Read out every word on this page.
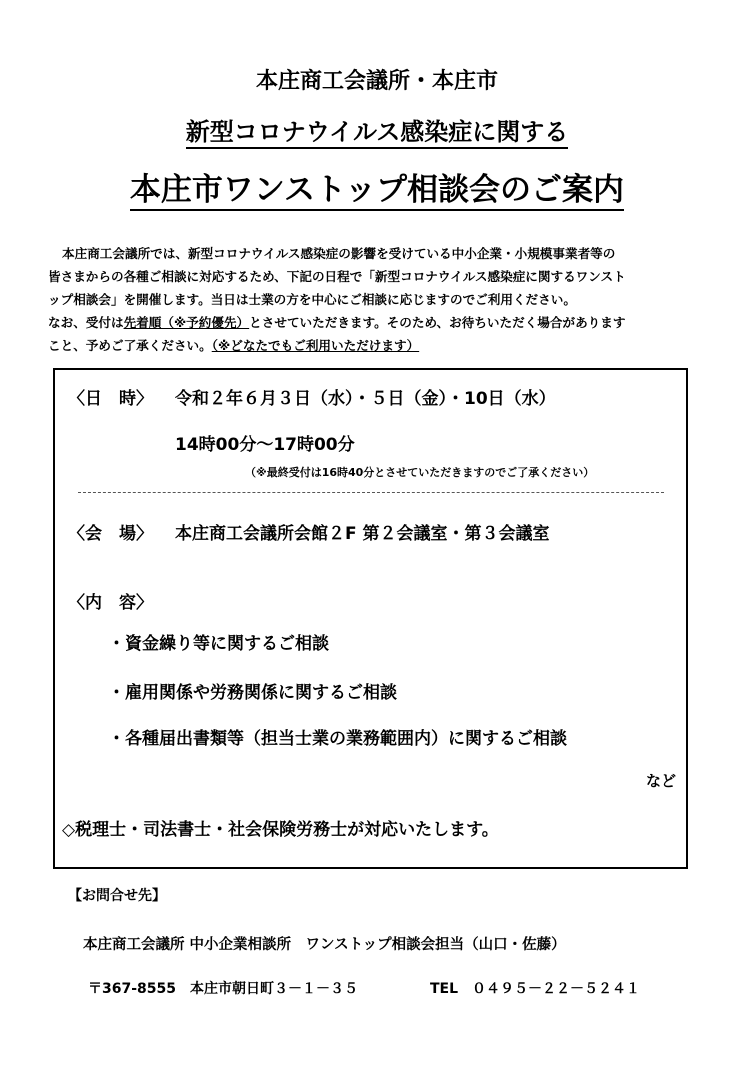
本庄商工会議所・本庄市
新型コロナウイルス感染症に関する
本庄市ワンストップ相談会のご案内
本庄商工会議所では、新型コロナウイルス感染症の影響を受けている中小企業・小規模事業者等の
皆さまからの各種ご相談に対応するため、下記の日程で「新型コロナウイルス感染症に関するワンスト
ップ相談会」を開催します。当日は士業の方を中心にご相談に応じますのでご利用ください。
なお、受付は先着順（※予約優先）とさせていただきます。そのため、お待ちいただく場合があります
こと、予めご了承ください。（※どなたでもご利用いただけます）
〈日　時〉 令和２年６月３日（水）・５日（金）・10日（水）
14時00分～17時00分
（※最終受付は16時40分とさせていただきますのでご了承ください）
〈会　場〉 本庄商工会議所会館２F 第２会議室・第３会議室
〈内　容〉
・資金繰り等に関するご相談
・雇用関係や労務関係に関するご相談
・各種届出書類等（担当士業の業務範囲内）に関するご相談
など
◇税理士・司法書士・社会保険労務士が対応いたします。
【お問合せ先】
本庄商工会議所 中小企業相談所　ワンストップ相談会担当（山口・佐藤）
〒367-8555　本庄市朝日町３－１－３５	TEL　０４９５－２２－５２４１
